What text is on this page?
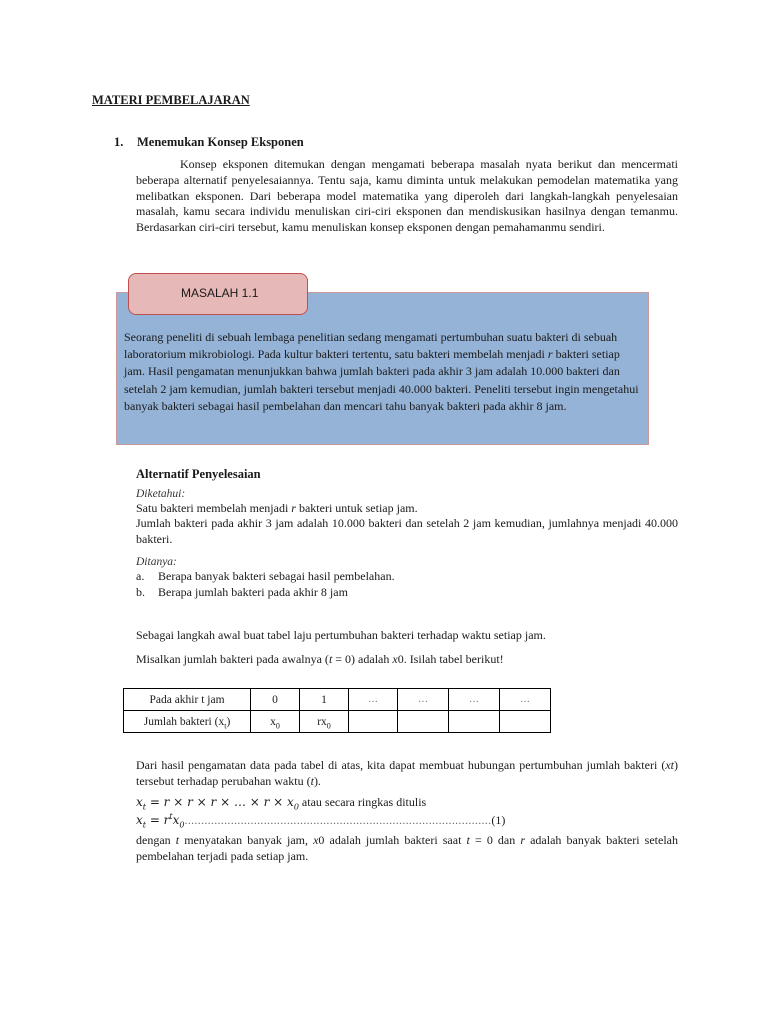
MATERI PEMBELAJARAN
1. Menemukan Konsep Eksponen
Konsep eksponen ditemukan dengan mengamati beberapa masalah nyata berikut dan mencermati beberapa alternatif penyelesaiannya. Tentu saja, kamu diminta untuk melakukan pemodelan matematika yang melibatkan eksponen. Dari beberapa model matematika yang diperoleh dari langkah-langkah penyelesaian masalah, kamu secara individu menuliskan ciri-ciri eksponen dan mendiskusikan hasilnya dengan temanmu. Berdasarkan ciri-ciri tersebut, kamu menuliskan konsep eksponen dengan pemahamanmu sendiri.
MASALAH 1.1
Seorang peneliti di sebuah lembaga penelitian sedang mengamati pertumbuhan suatu bakteri di sebuah laboratorium mikrobiologi. Pada kultur bakteri tertentu, satu bakteri membelah menjadi r bakteri setiap jam. Hasil pengamatan menunjukkan bahwa jumlah bakteri pada akhir 3 jam adalah 10.000 bakteri dan setelah 2 jam kemudian, jumlah bakteri tersebut menjadi 40.000 bakteri. Peneliti tersebut ingin mengetahui banyak bakteri sebagai hasil pembelahan dan mencari tahu banyak bakteri pada akhir 8 jam.
Alternatif Penyelesaian
Diketahui:
Satu bakteri membelah menjadi r bakteri untuk setiap jam.
Jumlah bakteri pada akhir 3 jam adalah 10.000 bakteri dan setelah 2 jam kemudian, jumlahnya menjadi 40.000 bakteri.
Ditanya:
a. Berapa banyak bakteri sebagai hasil pembelahan.
b. Berapa jumlah bakteri pada akhir 8 jam
Sebagai langkah awal buat tabel laju pertumbuhan bakteri terhadap waktu setiap jam.
Misalkan jumlah bakteri pada awalnya (t = 0) adalah x0. Isilah tabel berikut!
Pada akhir t jam	0	1	…	…	…	…
Jumlah bakteri $(x_t)$	$x_0$	$rx_0$				
Dari hasil pengamatan data pada tabel di atas, kita dapat membuat hubungan pertumbuhan jumlah bakteri (xt) tersebut terhadap perubahan waktu (t).
$x_t = r \times r \times r$ × … × $r \times x_0$ atau secara ringkas ditulis
$x_t = r^tx_0.............................................................................................(1)$
dengan t menyatakan banyak jam, x0 adalah jumlah bakteri saat t = 0 dan r adalah banyak bakteri setelah pembelahan terjadi pada setiap jam.
